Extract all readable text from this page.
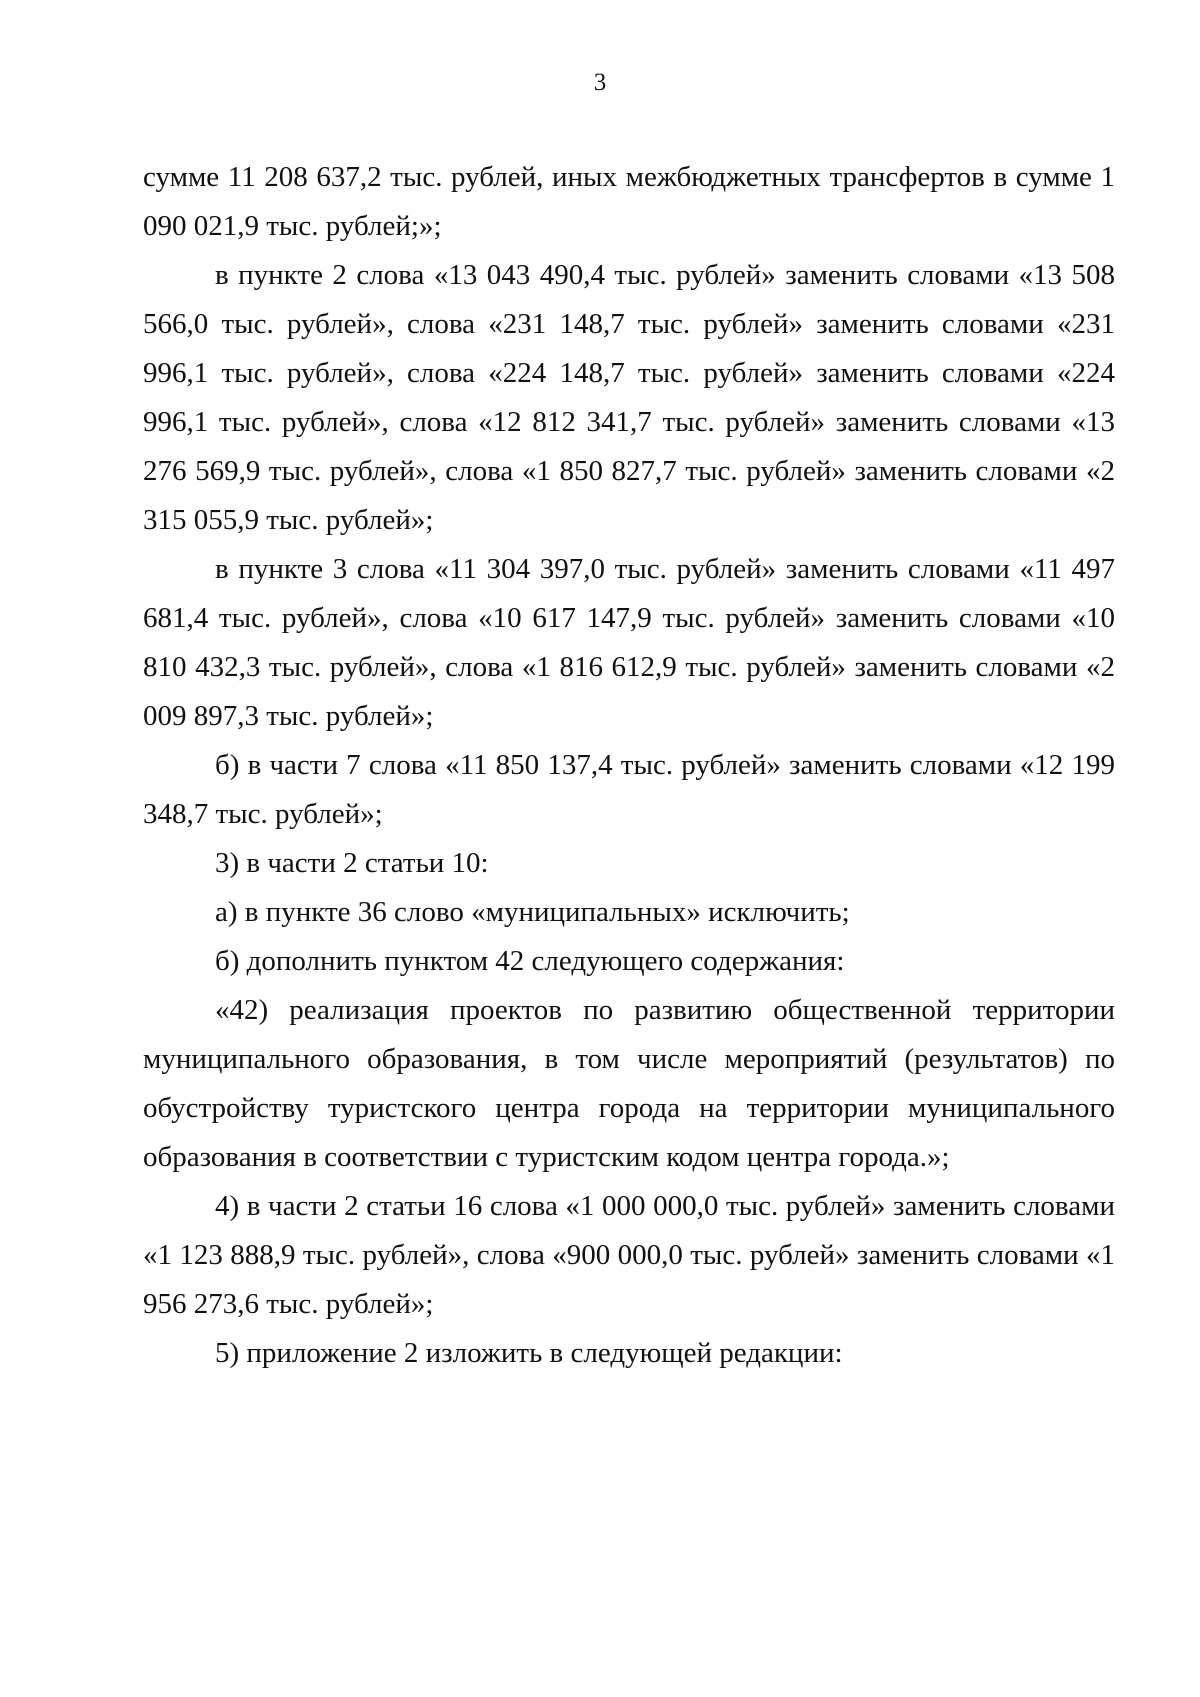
3

сумме 11 208 637,2 тыс. рублей, иных межбюджетных трансфертов в сумме 1 090 021,9 тыс. рублей;»;

в пункте 2 слова «13 043 490,4 тыс. рублей» заменить словами «13 508 566,0 тыс. рублей», слова «231 148,7 тыс. рублей» заменить словами «231 996,1 тыс. рублей», слова «224 148,7 тыс. рублей» заменить словами «224 996,1 тыс. рублей», слова «12 812 341,7 тыс. рублей» заменить словами «13 276 569,9 тыс. рублей», слова «1 850 827,7 тыс. рублей» заменить словами «2 315 055,9 тыс. рублей»;

в пункте 3 слова «11 304 397,0 тыс. рублей» заменить словами «11 497 681,4 тыс. рублей», слова «10 617 147,9 тыс. рублей» заменить словами «10 810 432,3 тыс. рублей», слова «1 816 612,9 тыс. рублей» заменить словами «2 009 897,3 тыс. рублей»;

б) в части 7 слова «11 850 137,4 тыс. рублей» заменить словами «12 199 348,7 тыс. рублей»;

3) в части 2 статьи 10:

а) в пункте 36 слово «муниципальных» исключить;

б) дополнить пунктом 42 следующего содержания:

«42) реализация проектов по развитию общественной территории муниципального образования, в том числе мероприятий (результатов) по обустройству туристского центра города на территории муниципального образования в соответствии с туристским кодом центра города.»;

4) в части 2 статьи 16 слова «1 000 000,0 тыс. рублей» заменить словами «1 123 888,9 тыс. рублей», слова «900 000,0 тыс. рублей» заменить словами «1 956 273,6 тыс. рублей»;

5) приложение 2 изложить в следующей редакции:
